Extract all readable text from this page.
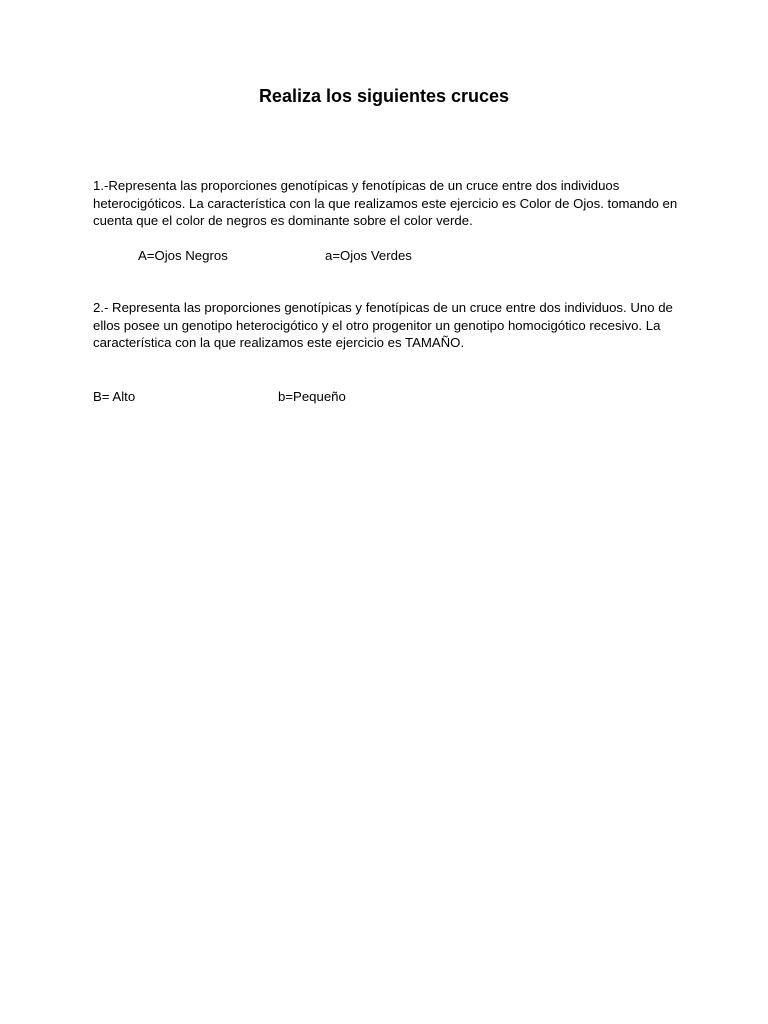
Realiza los siguientes cruces

1.-Representa las proporciones genotípicas y fenotípicas de un cruce entre dos individuos heterocigóticos. La característica con la que realizamos este ejercicio es Color de Ojos. tomando en cuenta que el color de negros es dominante sobre el color verde.

A=Ojos Negros	a=Ojos Verdes

2.- Representa las proporciones genotípicas y fenotípicas de un cruce entre dos individuos. Uno de ellos posee un genotipo heterocigótico y el otro progenitor un genotipo homocigótico recesivo. La característica con la que realizamos este ejercicio es TAMAÑO.

B= Alto	b=Pequeño
